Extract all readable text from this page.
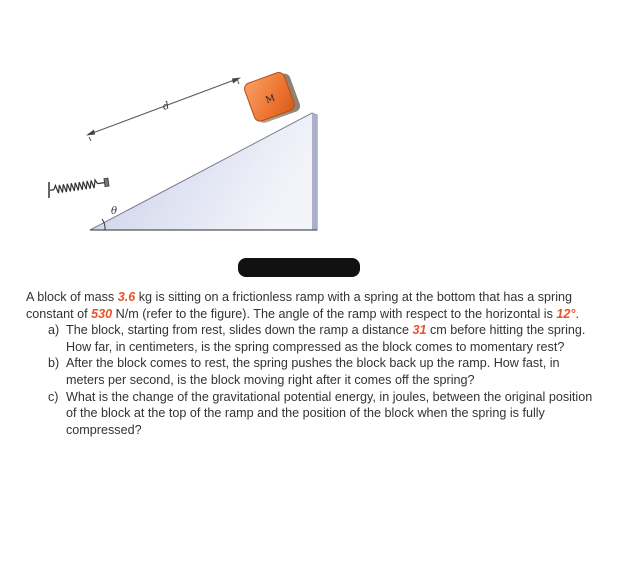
d
M
θ

A block of mass 3.6 kg is sitting on a frictionless ramp with a spring at the bottom that has a spring constant of 530 N/m (refer to the figure). The angle of the ramp with respect to the horizontal is 12°.

a) The block, starting from rest, slides down the ramp a distance 31 cm before hitting the spring. How far, in centimeters, is the spring compressed as the block comes to momentary rest?

b) After the block comes to rest, the spring pushes the block back up the ramp. How fast, in meters per second, is the block moving right after it comes off the spring?

c) What is the change of the gravitational potential energy, in joules, between the original position of the block at the top of the ramp and the position of the block when the spring is fully compressed?
